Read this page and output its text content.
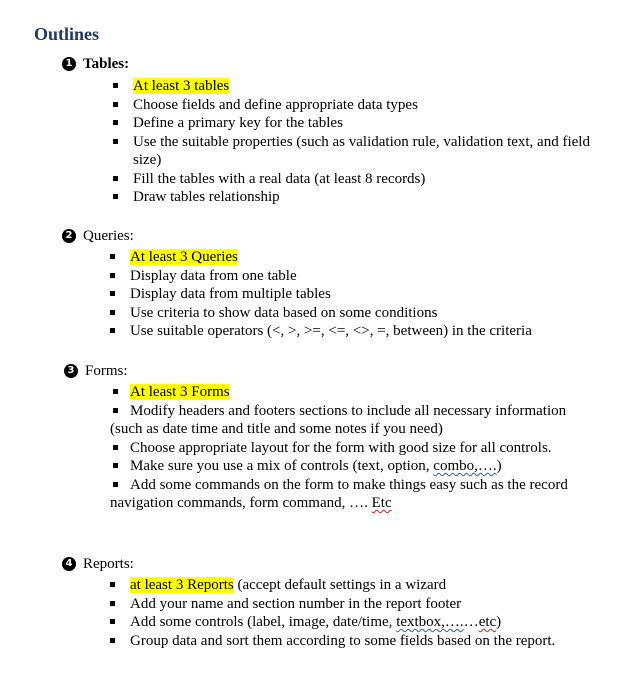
Outlines
1 Tables:
At least 3 tables
Choose fields and define appropriate data types
Define a primary key for the tables
Use the suitable properties (such as validation rule, validation text, and field size)
Fill the tables with a real data (at least 8 records)
Draw tables relationship
2 Queries:
At least 3 Queries
Display data from one table
Display data from multiple tables
Use criteria to show data based on some conditions
Use suitable operators (<, >, >=, <=, <>, =, between) in the criteria
3 Forms:
At least 3 Forms
Modify headers and footers sections to include all necessary information (such as date time and title and some notes if you need)
Choose appropriate layout for the form with good size for all controls.
Make sure you use a mix of controls (text, option, combo,….)
Add some commands on the form to make things easy such as the record navigation commands, form command, …. Etc
4 Reports:
at least 3 Reports (accept default settings in a wizard
Add your name and section number in the report footer
Add some controls (label, image, date/time, textbox,….…etc)
Group data and sort them according to some fields based on the report.
